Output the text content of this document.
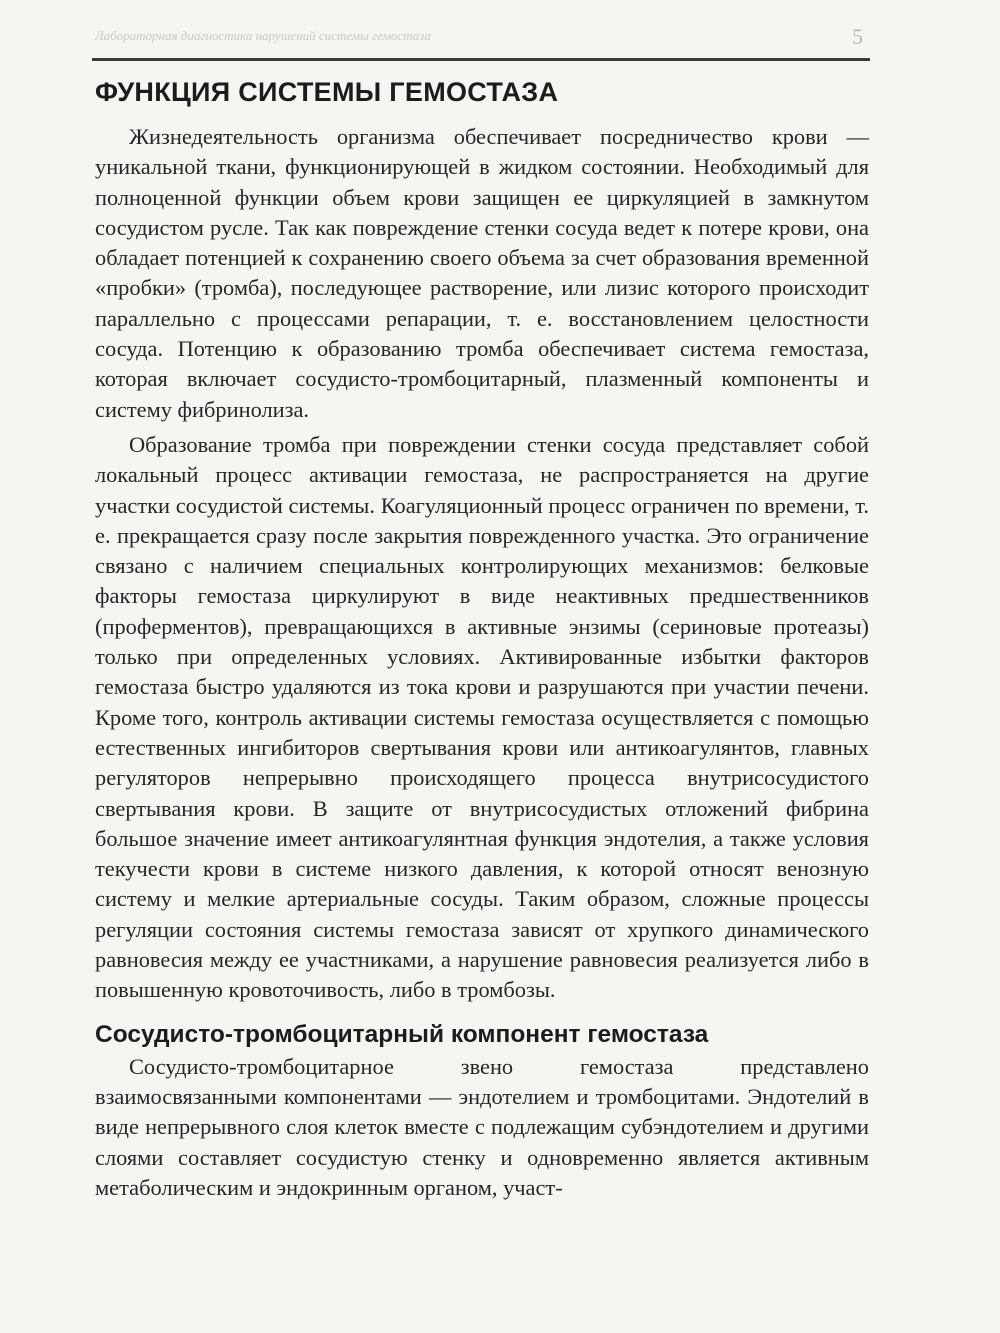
Лабораторная диагностика нарушений системы гемостаза	5
ФУНКЦИЯ СИСТЕМЫ ГЕМОСТАЗА

Жизнедеятельность организма обеспечивает посредничество крови — уникальной ткани, функционирующей в жидком состоянии. Необходимый для полноценной функции объем крови защищен ее циркуляцией в замкнутом сосудистом русле. Так как повреждение стенки сосуда ведет к потере крови, она обладает потенцией к сохранению своего объема за счет образования временной «пробки» (тромба), последующее растворение, или лизис которого происходит параллельно с процессами репарации, т. е. восстановлением целостности сосуда. Потенцию к образованию тромба обеспечивает система гемостаза, которая включает сосудисто-тромбоцитарный, плазменный компоненты и систему фибринолиза.

Образование тромба при повреждении стенки сосуда представляет собой локальный процесс активации гемостаза, не распространяется на другие участки сосудистой системы. Коагуляционный процесс ограничен по времени, т. е. прекращается сразу после закрытия поврежденного участка. Это ограничение связано с наличием специальных контролирующих механизмов: белковые факторы гемостаза циркулируют в виде неактивных предшественников (проферментов), превращающихся в активные энзимы (сериновые протеазы) только при определенных условиях. Активированные избытки факторов гемостаза быстро удаляются из тока крови и разрушаются при участии печени. Кроме того, контроль активации системы гемостаза осуществляется с помощью естественных ингибиторов свертывания крови или антикоагулянтов, главных регуляторов непрерывно происходящего процесса внутрисосудистого свертывания крови. В защите от внутрисосудистых отложений фибрина большое значение имеет антикоагулянтная функция эндотелия, а также условия текучести крови в системе низкого давления, к которой относят венозную систему и мелкие артериальные сосуды. Таким образом, сложные процессы регуляции состояния системы гемостаза зависят от хрупкого динамического равновесия между ее участниками, а нарушение равновесия реализуется либо в повышенную кровоточивость, либо в тромбозы.

Сосудисто-тромбоцитарный компонент гемостаза

Сосудисто-тромбоцитарное звено гемостаза представлено взаимосвязанными компонентами — эндотелием и тромбоцитами. Эндотелий в виде непрерывного слоя клеток вместе с подлежащим субэндотелием и другими слоями составляет сосудистую стенку и одновременно является активным метаболическим и эндокринным органом, участ-
